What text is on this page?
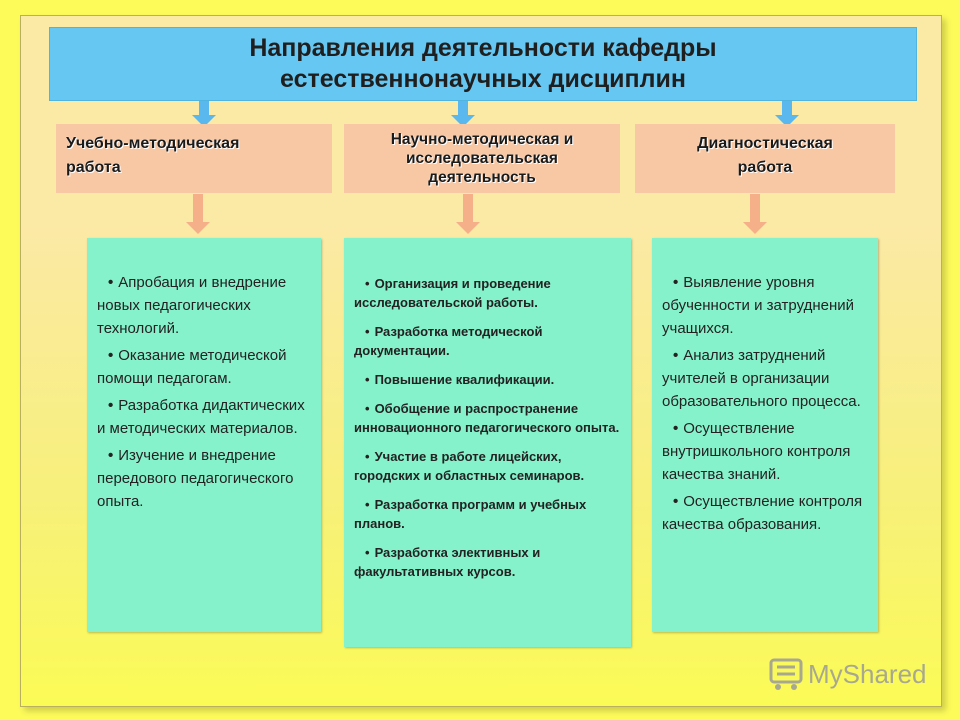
Направления деятельности кафедры
естественнонаучных дисциплин
Учебно-методическая
работа
Научно-методическая и
исследовательская
деятельность
Диагностическая
работа
• Апробация и внедрение новых педагогических технологий.
• Оказание методической помощи педагогам.
• Разработка дидактических и методических материалов.
• Изучение и внедрение передового педагогического опыта.
• Организация и проведение исследовательской работы.
• Разработка методической документации.
• Повышение квалификации.
• Обобщение и распространение инновационного педагогического опыта.
• Участие в работе лицейских, городских и областных семинаров.
• Разработка программ и учебных планов.
• Разработка элективных и факультативных курсов.
• Выявление уровня обученности и затруднений учащихся.
• Анализ затруднений учителей в организации образовательного процесса.
• Осуществление внутришкольного контроля качества знаний.
• Осуществление контроля качества образования.
MyShared
